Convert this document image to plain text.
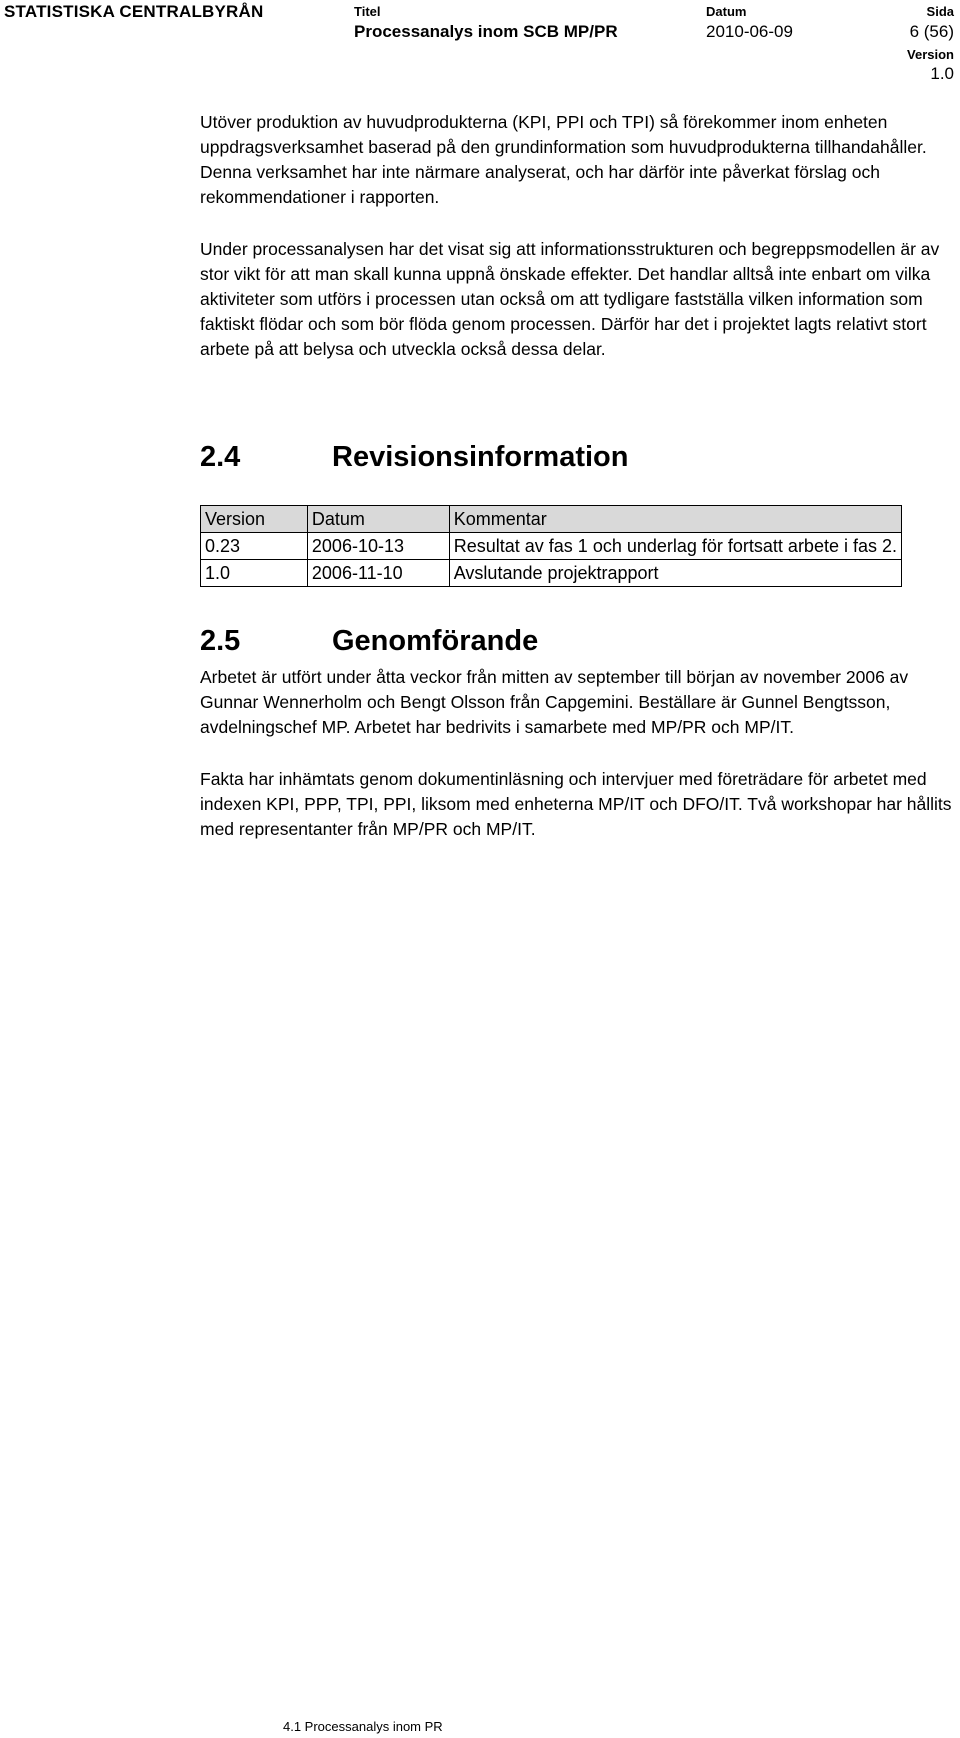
STATISTISKA CENTRALBYRÅN	Titel
Processanalys inom SCB MP/PR
Datum
2010-06-09
Sida
6 (56)
Version
1.0

Utöver produktion av huvudprodukterna (KPI, PPI och TPI) så förekommer inom enheten uppdragsverksamhet baserad på den grundinformation som huvudprodukterna tillhandahåller. Denna verksamhet har inte närmare analyserat, och har därför inte påverkat förslag och rekommendationer i rapporten.

Under processanalysen har det visat sig att informationsstrukturen och begreppsmodellen är av stor vikt för att man skall kunna uppnå önskade effekter. Det handlar alltså inte enbart om vilka aktiviteter som utförs i processen utan också om att tydligare fastställa vilken information som faktiskt flödar och som bör flöda genom processen. Därför har det i projektet lagts relativt stort arbete på att belysa och utveckla också dessa delar.

2.4	Revisionsinformation
Version	Datum	Kommentar
0.23	2006-10-13	Resultat av fas 1 och underlag för fortsatt arbete i fas 2.
1.0	2006-11-10	Avslutande projektrapport
2.5	Genomförande

Arbetet är utfört under åtta veckor från mitten av september till början av november 2006 av Gunnar Wennerholm och Bengt Olsson från Capgemini. Beställare är Gunnel Bengtsson, avdelningschef MP. Arbetet har bedrivits i samarbete med MP/PR och MP/IT.

Fakta har inhämtats genom dokumentinläsning och intervjuer med företrädare för arbetet med indexen KPI, PPP, TPI, PPI, liksom med enheterna MP/IT och DFO/IT. Två workshopar har hållits med representanter från MP/PR och MP/IT.

4.1 Processanalys inom PR
